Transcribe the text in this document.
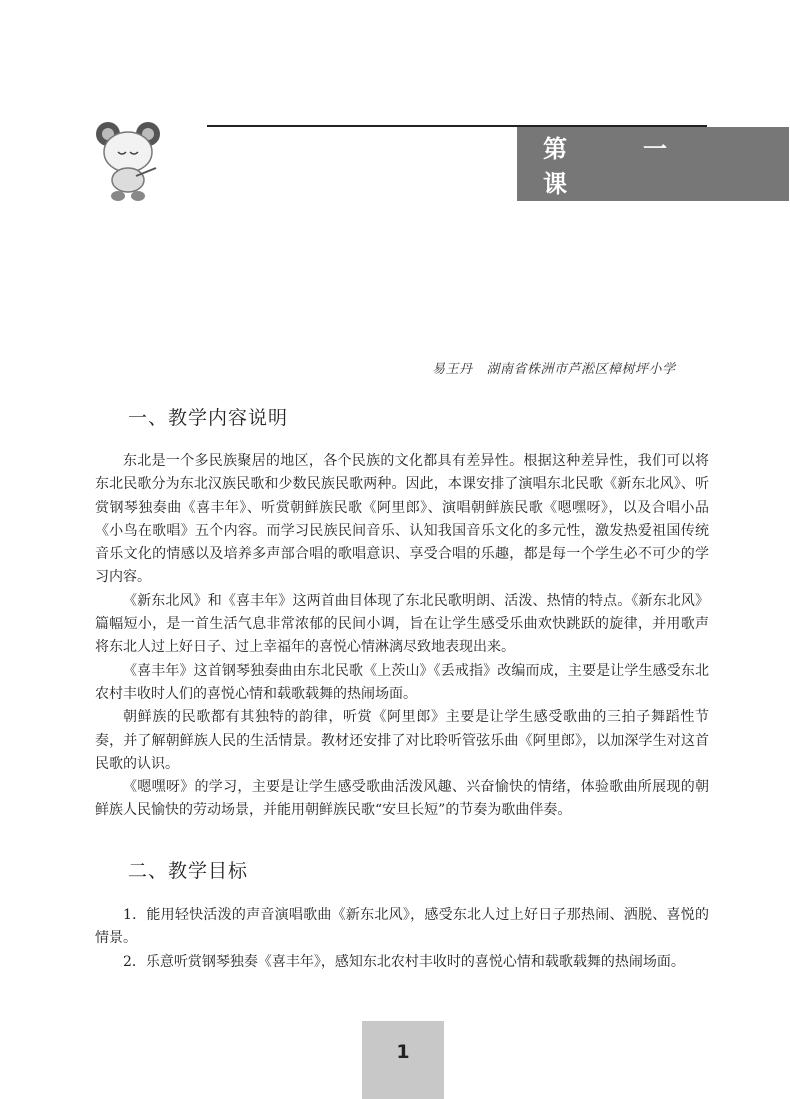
第　一　课
易王丹 湖南省株洲市芦淞区樟树坪小学
一、教学内容说明

东北是一个多民族聚居的地区，各个民族的文化都具有差异性。根据这种差异性，我们可以将东北民歌分为东北汉族民歌和少数民族民歌两种。因此，本课安排了演唱东北民歌《新东北风》、听赏钢琴独奏曲《喜丰年》、听赏朝鲜族民歌《阿里郎》、演唱朝鲜族民歌《嗯嘿呀》，以及合唱小品《小鸟在歌唱》五个内容。而学习民族民间音乐、认知我国音乐文化的多元性，激发热爱祖国传统音乐文化的情感以及培养多声部合唱的歌唱意识、享受合唱的乐趣，都是每一个学生必不可少的学习内容。

《新东北风》和《喜丰年》这两首曲目体现了东北民歌明朗、活泼、热情的特点。《新东北风》篇幅短小，是一首生活气息非常浓郁的民间小调，旨在让学生感受乐曲欢快跳跃的旋律，并用歌声将东北人过上好日子、过上幸福年的喜悦心情淋漓尽致地表现出来。

《喜丰年》这首钢琴独奏曲由东北民歌《上茨山》《丢戒指》改编而成，主要是让学生感受东北农村丰收时人们的喜悦心情和载歌载舞的热闹场面。

朝鲜族的民歌都有其独特的韵律，听赏《阿里郎》主要是让学生感受歌曲的三拍子舞蹈性节奏，并了解朝鲜族人民的生活情景。教材还安排了对比聆听管弦乐曲《阿里郎》，以加深学生对这首民歌的认识。

《嗯嘿呀》的学习，主要是让学生感受歌曲活泼风趣、兴奋愉快的情绪，体验歌曲所展现的朝鲜族人民愉快的劳动场景，并能用朝鲜族民歌“安旦长短”的节奏为歌曲伴奏。

二、教学目标

1．能用轻快活泼的声音演唱歌曲《新东北风》，感受东北人过上好日子那热闹、洒脱、喜悦的情景。

2．乐意听赏钢琴独奏《喜丰年》，感知东北农村丰收时的喜悦心情和载歌载舞的热闹场面。

1
